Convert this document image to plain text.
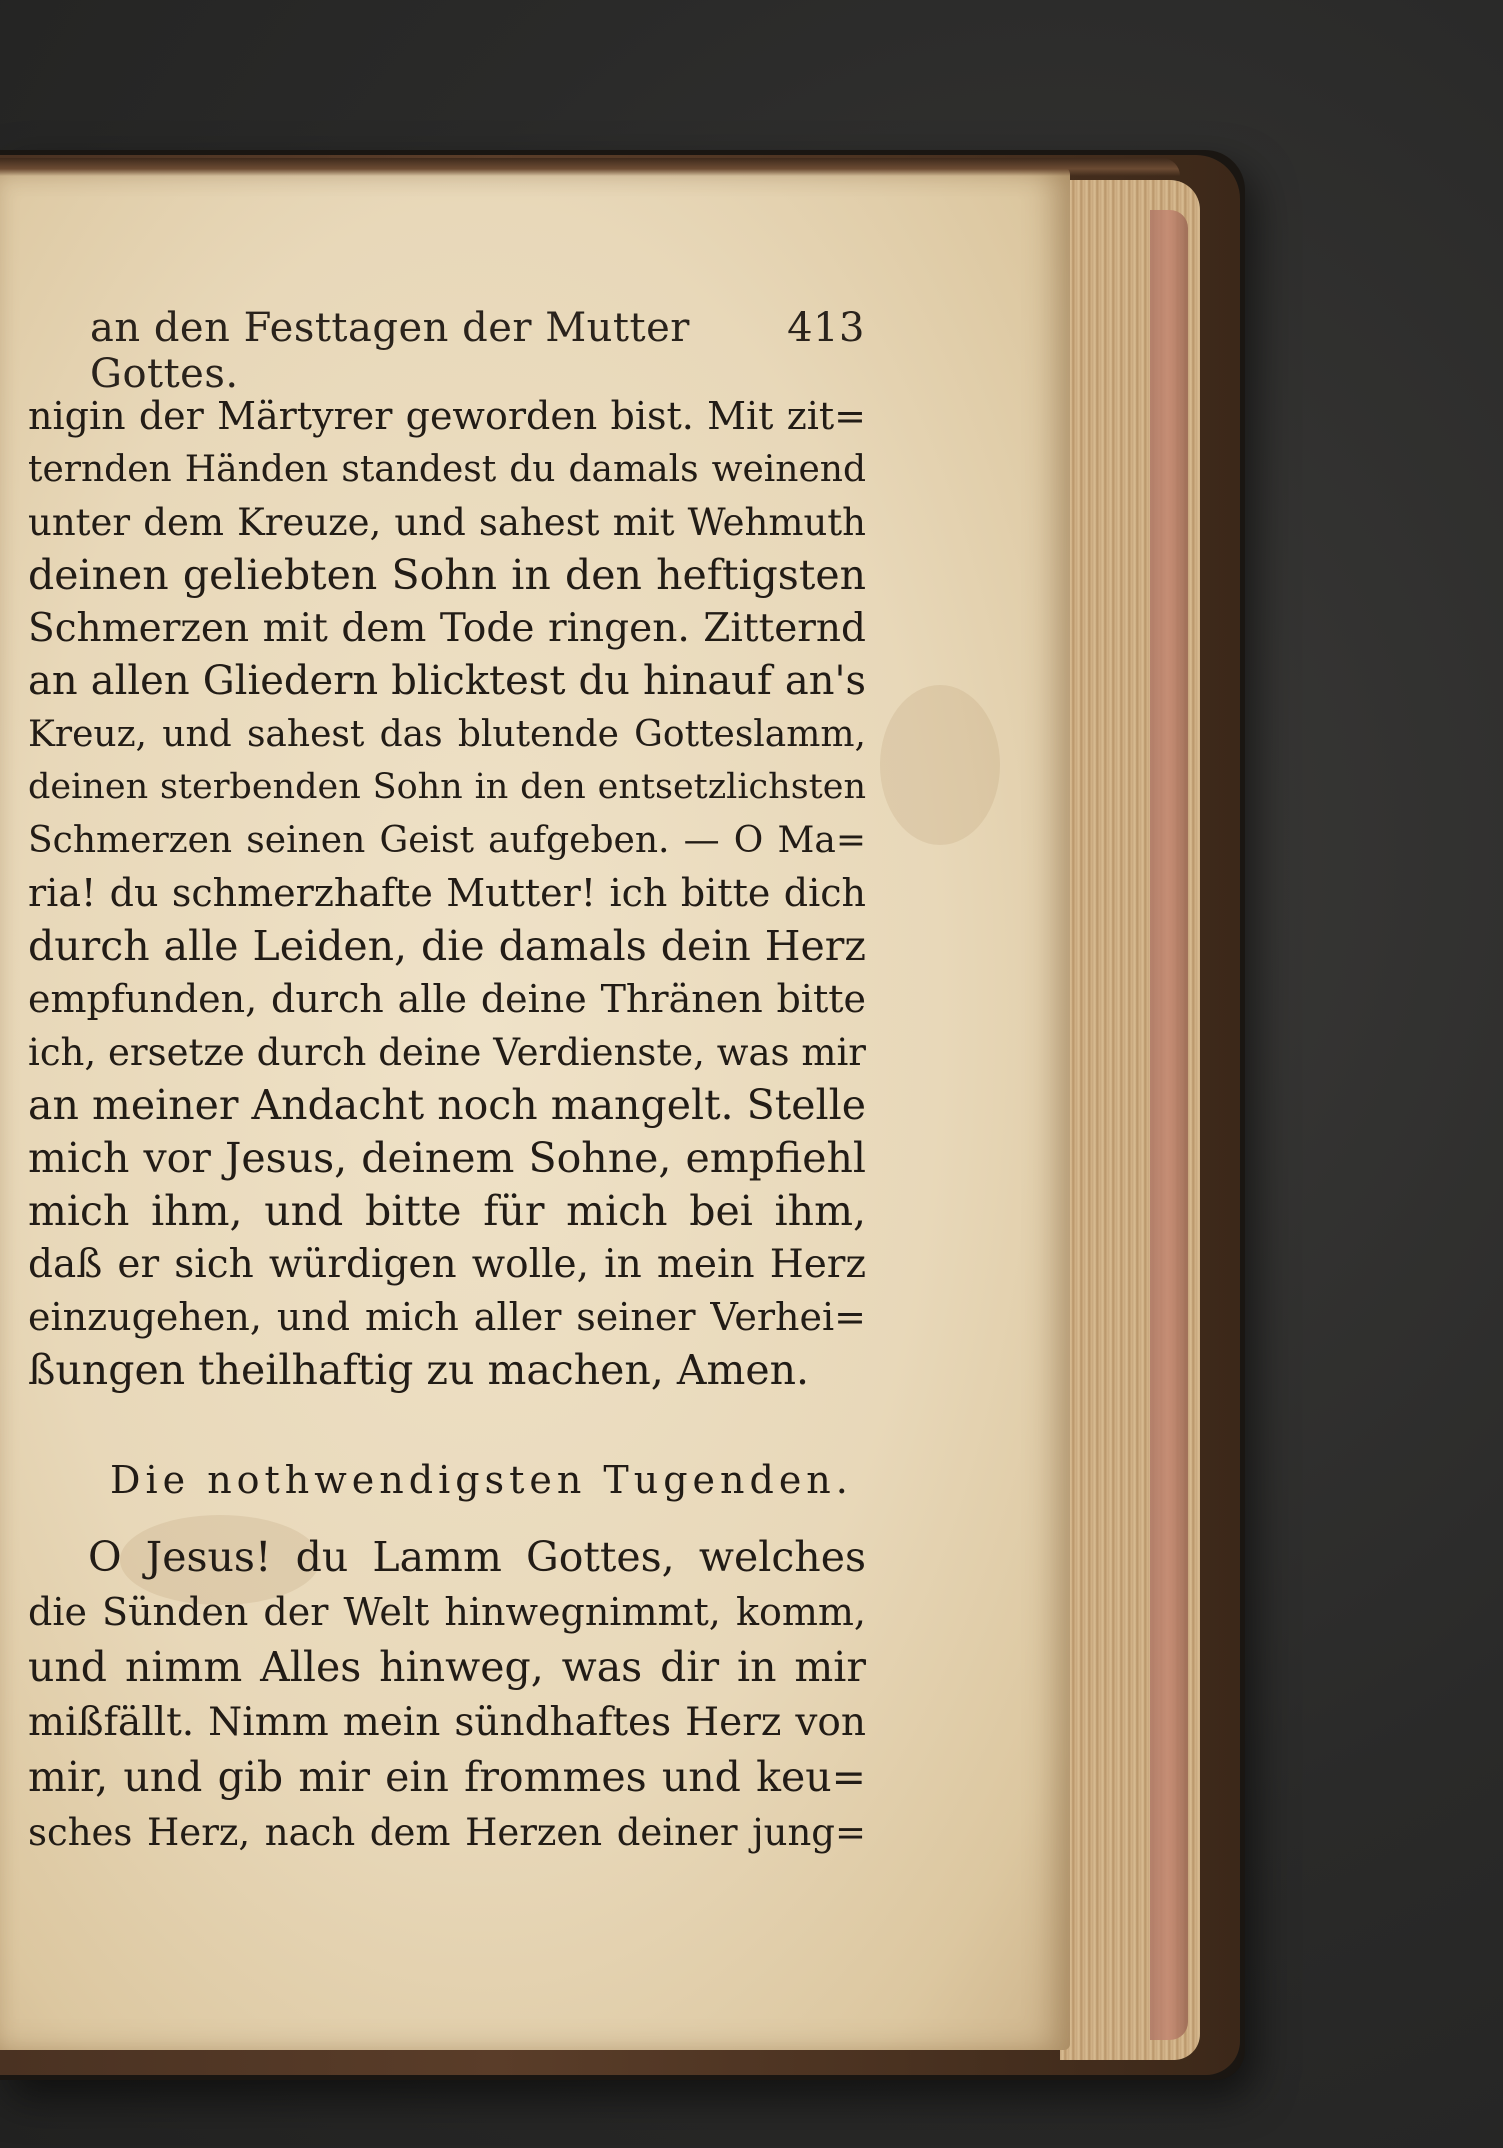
an den Festtagen der Mutter Gottes.
413
nigin der Märtyrer geworden bist. Mit zit=
ternden Händen standest du damals weinend
unter dem Kreuze, und sahest mit Wehmuth
deinen geliebten Sohn in den heftigsten
Schmerzen mit dem Tode ringen. Zitternd
an allen Gliedern blicktest du hinauf an's
Kreuz, und sahest das blutende Gotteslamm,
deinen sterbenden Sohn in den entsetzlichsten
Schmerzen seinen Geist aufgeben. — O Ma=
ria! du schmerzhafte Mutter! ich bitte dich
durch alle Leiden, die damals dein Herz
empfunden, durch alle deine Thränen bitte
ich, ersetze durch deine Verdienste, was mir
an meiner Andacht noch mangelt. Stelle
mich vor Jesus, deinem Sohne, empfiehl
mich ihm, und bitte für mich bei ihm,
daß er sich würdigen wolle, in mein Herz
einzugehen, und mich aller seiner Verhei=
ßungen theilhaftig zu machen, Amen.
Die nothwendigsten Tugenden.
O Jesus! du Lamm Gottes, welches
die Sünden der Welt hinwegnimmt, komm,
und nimm Alles hinweg, was dir in mir
mißfällt. Nimm mein sündhaftes Herz von
mir, und gib mir ein frommes und keu=
sches Herz, nach dem Herzen deiner jung=
